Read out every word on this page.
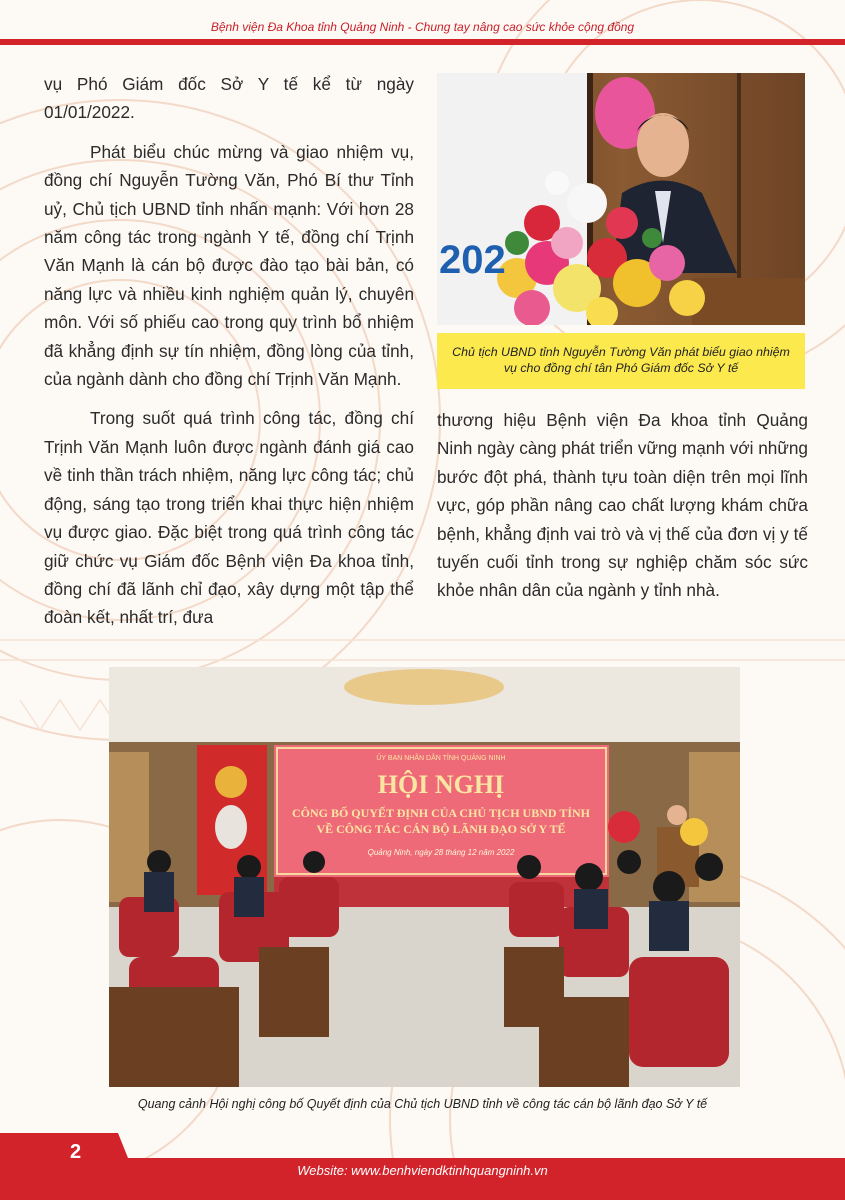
Bệnh viện Đa Khoa tỉnh Quảng Ninh - Chung tay nâng cao sức khỏe cộng đồng

vụ Phó Giám đốc Sở Y tế kể từ ngày 01/01/2022.

Phát biểu chúc mừng và giao nhiệm vụ, đồng chí Nguyễn Tường Văn, Phó Bí thư Tỉnh uỷ, Chủ tịch UBND tỉnh nhấn mạnh: Với hơn 28 năm công tác trong ngành Y tế, đồng chí Trịnh Văn Mạnh là cán bộ được đào tạo bài bản, có năng lực và nhiều kinh nghiệm quản lý, chuyên môn. Với số phiếu cao trong quy trình bổ nhiệm đã khẳng định sự tín nhiệm, đồng lòng của tỉnh, của ngành dành cho đồng chí Trịnh Văn Mạnh.

Trong suốt quá trình công tác, đồng chí Trịnh Văn Mạnh luôn được ngành đánh giá cao về tinh thần trách nhiệm, năng lực công tác; chủ động, sáng tạo trong triển khai thực hiện nhiệm vụ được giao. Đặc biệt trong quá trình công tác giữ chức vụ Giám đốc Bệnh viện Đa khoa tỉnh, đồng chí đã lãnh chỉ đạo, xây dựng một tập thể đoàn kết, nhất trí, đưa

202
Chủ tịch UBND tỉnh Nguyễn Tường Văn phát biểu giao nhiệm vụ cho đồng chí tân Phó Giám đốc Sở Y tế

thương hiệu Bệnh viện Đa khoa tỉnh Quảng Ninh ngày càng phát triển vững mạnh với những bước đột phá, thành tựu toàn diện trên mọi lĩnh vực, góp phần nâng cao chất lượng khám chữa bệnh, khẳng định vai trò và vị thế của đơn vị y tế tuyến cuối tỉnh trong sự nghiệp chăm sóc sức khỏe nhân dân của ngành y tỉnh nhà.

ỦY BAN NHÂN DÂN TỈNH QUẢNG NINH
HỘI NGHỊ
CÔNG BỐ QUYẾT ĐỊNH CỦA CHỦ TỊCH UBND TỈNH
VỀ CÔNG TÁC CÁN BỘ LÃNH ĐẠO SỞ Y TẾ
Quảng Ninh, ngày 28 tháng 12 năm 2022
Quang cảnh Hội nghị công bố Quyết định của Chủ tịch UBND tỉnh về công tác cán bộ lãnh đạo Sở Y tế
2
Website: www.benhviendktinhquangninh.vn
